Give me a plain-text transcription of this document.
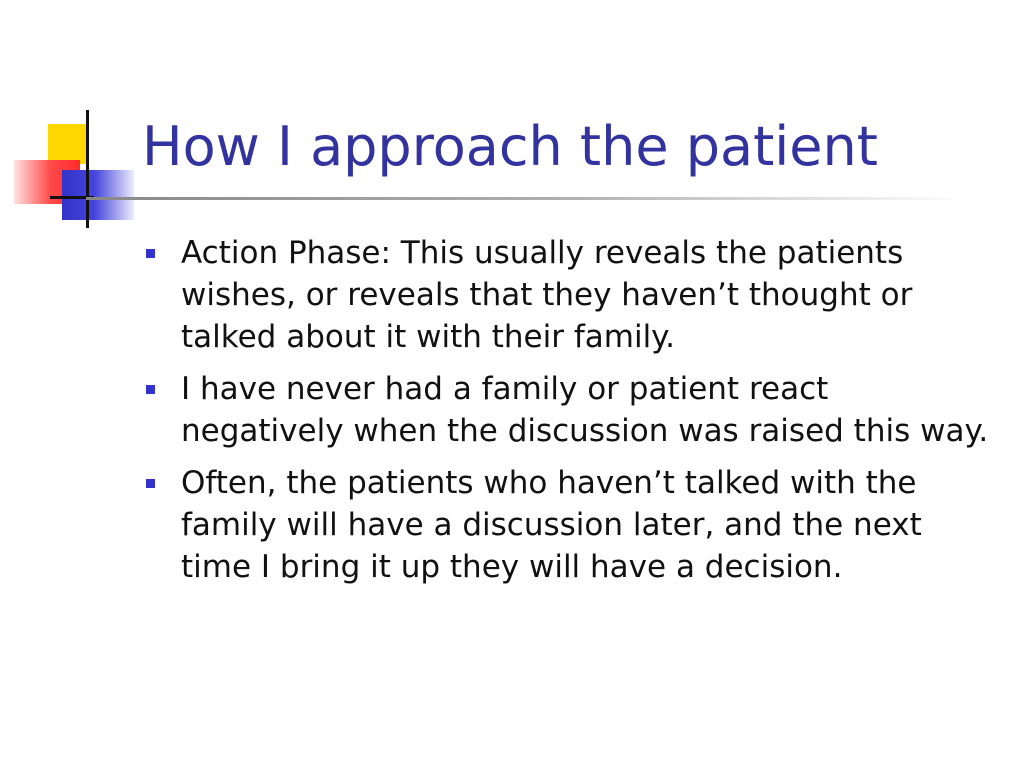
How I approach the patient
Action Phase: This usually reveals the patients wishes, or reveals that they haven’t thought or talked about it with their family.
I have never had a family or patient react negatively when the discussion was raised this way.
Often, the patients who haven’t talked with the family will have a discussion later, and the next time I bring it up they will have a decision.
